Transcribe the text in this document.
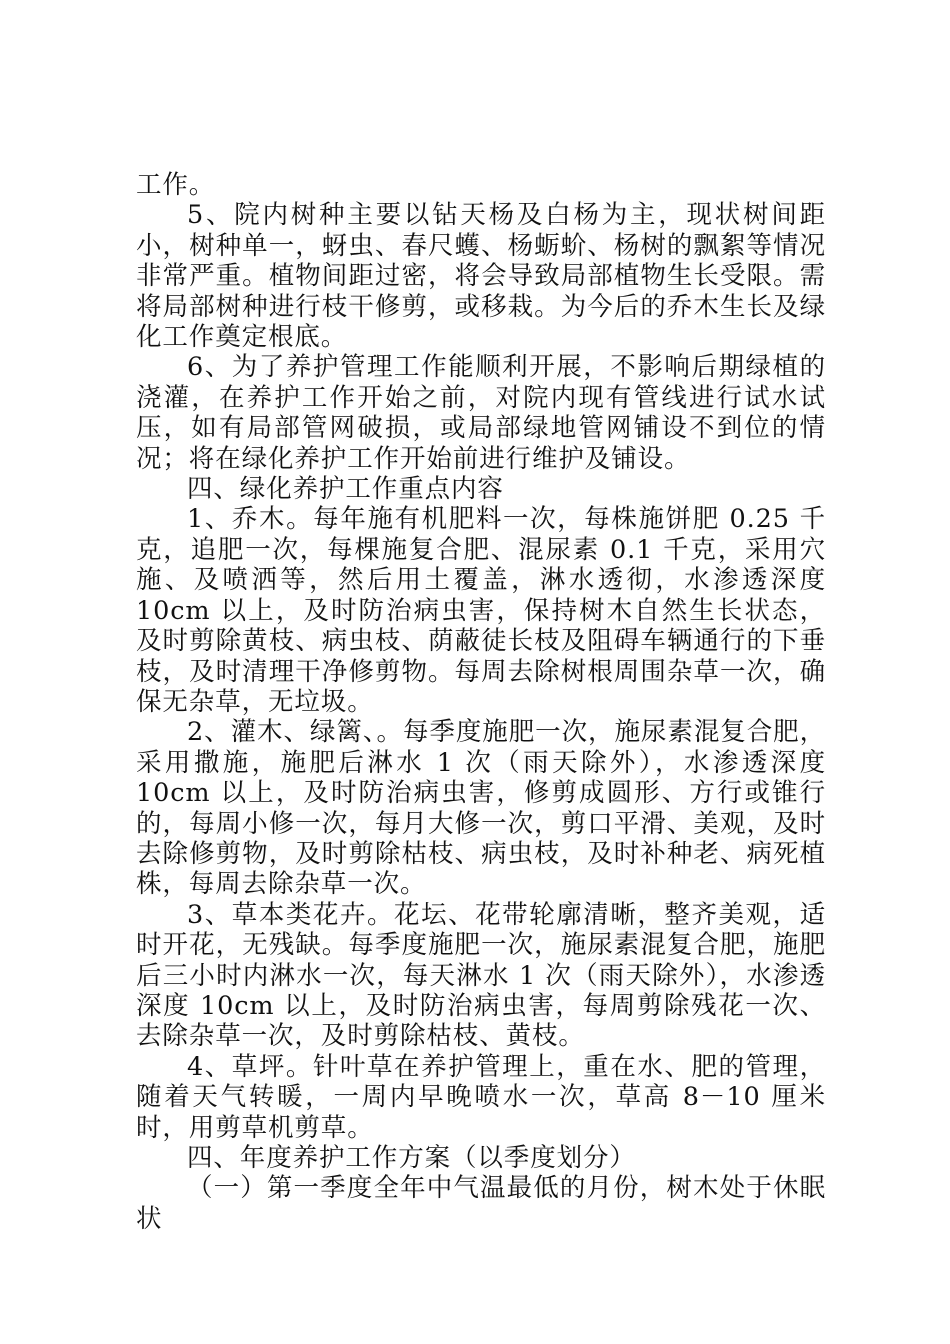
工作。

5、院内树种主要以钻天杨及白杨为主，现状树间距小，树种单一，蚜虫、春尺蠖、杨蛎蚧、杨树的飘絮等情况非常严重。植物间距过密，将会导致局部植物生长受限。需将局部树种进行枝干修剪，或移栽。为今后的乔木生长及绿化工作奠定根底。

6、为了养护管理工作能顺利开展，不影响后期绿植的浇灌，在养护工作开始之前，对院内现有管线进行试水试压，如有局部管网破损，或局部绿地管网铺设不到位的情况；将在绿化养护工作开始前进行维护及铺设。

四、绿化养护工作重点内容

1、乔木。每年施有机肥料一次，每株施饼肥 0.25 千克，追肥一次，每棵施复合肥、混尿素 0.1 千克，采用穴施、及喷洒等，然后用土覆盖，淋水透彻，水渗透深度 10cm 以上，及时防治病虫害，保持树木自然生长状态，及时剪除黄枝、病虫枝、荫蔽徒长枝及阻碍车辆通行的下垂枝，及时清理干净修剪物。每周去除树根周围杂草一次，确保无杂草，无垃圾。

2、灌木、绿篱、。每季度施肥一次，施尿素混复合肥，采用撒施，施肥后淋水 1 次（雨天除外），水渗透深度 10cm 以上，及时防治病虫害，修剪成圆形、方行或锥行的，每周小修一次，每月大修一次，剪口平滑、美观，及时去除修剪物，及时剪除枯枝、病虫枝，及时补种老、病死植株，每周去除杂草一次。

3、草本类花卉。花坛、花带轮廓清晰，整齐美观，适时开花，无残缺。每季度施肥一次，施尿素混复合肥，施肥后三小时内淋水一次，每天淋水 1 次（雨天除外），水渗透深度 10cm 以上，及时防治病虫害，每周剪除残花一次、去除杂草一次，及时剪除枯枝、黄枝。

4、草坪。针叶草在养护管理上，重在水、肥的管理，随着天气转暖，一周内早晚喷水一次，草高 8－10 厘米时，用剪草机剪草。

四、年度养护工作方案（以季度划分）

（一）第一季度全年中气温最低的月份，树木处于休眠状
